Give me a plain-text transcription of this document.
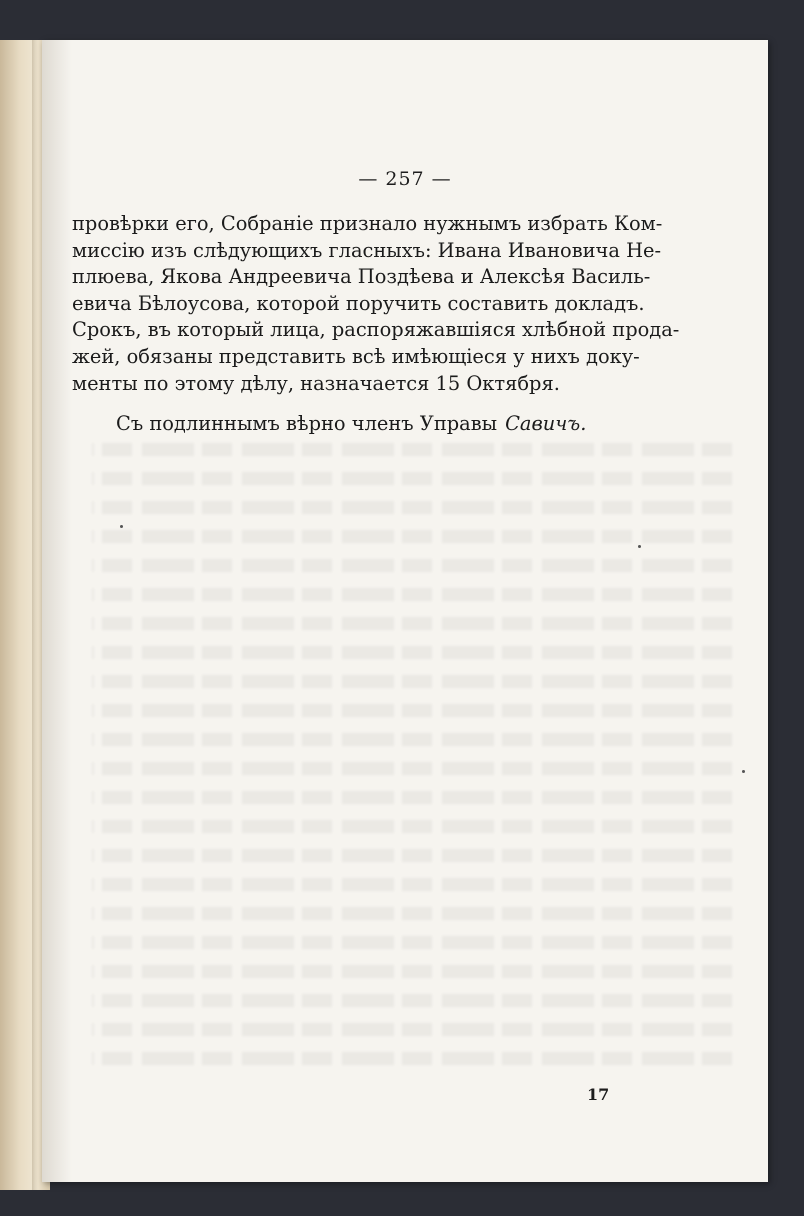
— 257 —
провѣрки его, Собраніе признало нужнымъ избрать Ком-
миссію изъ слѣдующихъ гласныхъ: Ивана Ивановича Не-
плюева, Якова Андреевича Поздѣева и Алексѣя Василь-
евича Бѣлоусова, которой поручить составить докладъ.
Срокъ, въ который лица, распоряжавшіяся хлѣбной прода-
жей, обязаны представить всѣ имѣющіеся у нихъ доку-
менты по этому дѣлу, назначается 15 Октября.
Съ подлиннымъ вѣрно членъ Управы Савичъ.
17
